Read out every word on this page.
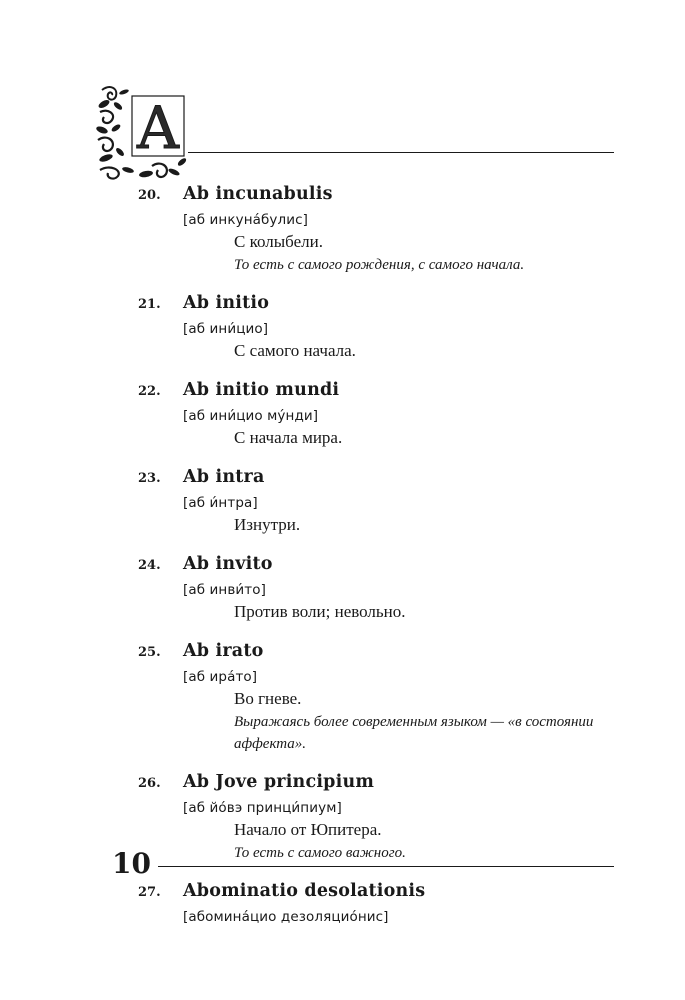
A
20.	Ab incunabulis
[аб инкуна́булис]
С колыбели.
То есть с самого рождения, с самого начала.
21.	Ab initio
[аб ини́цио]
С самого начала.
22.	Ab initio mundi
[аб ини́цио му́нди]
С начала мира.
23.	Ab intra
[аб и́нтра]
Изнутри.
24.	Ab invito
[аб инви́то]
Против воли; невольно.
25.	Ab irato
[аб ира́то]
Во гневе.
Выражаясь более современным языком — «в состоянии аффекта».
26.	Ab Jove principium
[аб йо́вэ принци́пиум]
Начало от Юпитера.
То есть с самого важного.
27.	Abominatio desolationis
[абомина́цио дезоляцио́нис]
10
